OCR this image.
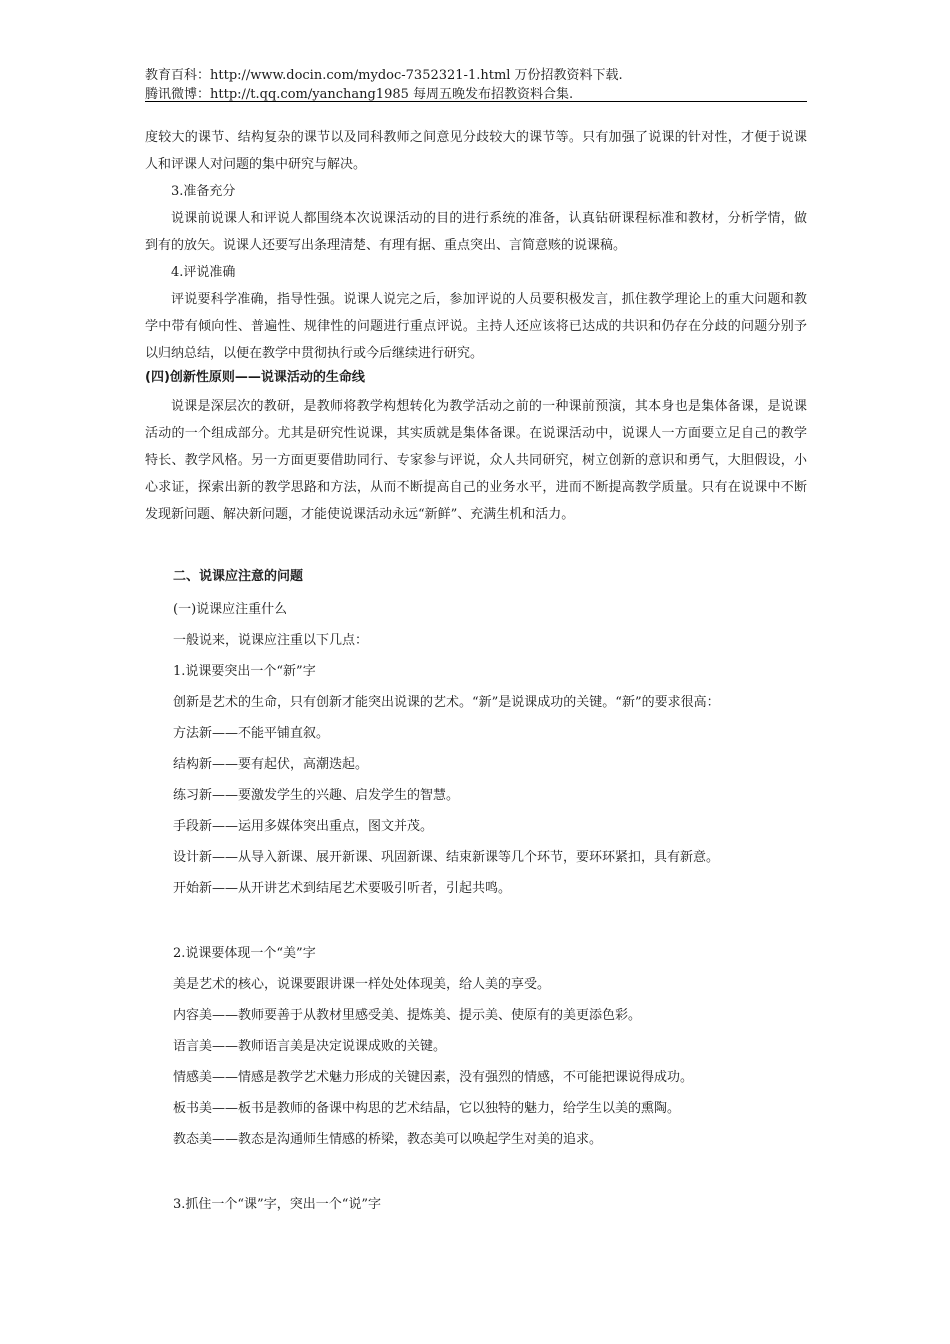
教育百科：http://www.docin.com/mydoc-7352321-1.html 万份招教资料下载.
腾讯微博：http://t.qq.com/yanchang1985 每周五晚发布招教资料合集.

度较大的课节、结构复杂的课节以及同科教师之间意见分歧较大的课节等。只有加强了说课的针对性，才便于说课人和评课人对问题的集中研究与解决。

3.准备充分

说课前说课人和评说人都围绕本次说课活动的目的进行系统的准备，认真钻研课程标准和教材，分析学情，做到有的放矢。说课人还要写出条理清楚、有理有据、重点突出、言简意赅的说课稿。

4.评说准确

评说要科学准确，指导性强。说课人说完之后，参加评说的人员要积极发言，抓住教学理论上的重大问题和教学中带有倾向性、普遍性、规律性的问题进行重点评说。主持人还应该将已达成的共识和仍存在分歧的问题分别予以归纳总结，以便在教学中贯彻执行或今后继续进行研究。

(四)创新性原则——说课活动的生命线

说课是深层次的教研，是教师将教学构想转化为教学活动之前的一种课前预演，其本身也是集体备课，是说课活动的一个组成部分。尤其是研究性说课，其实质就是集体备课。在说课活动中，说课人一方面要立足自己的教学特长、教学风格。另一方面更要借助同行、专家参与评说，众人共同研究，树立创新的意识和勇气，大胆假设，小心求证，探索出新的教学思路和方法，从而不断提高自己的业务水平，进而不断提高教学质量。只有在说课中不断发现新问题、解决新问题，才能使说课活动永远“新鲜”、充满生机和活力。

二、说课应注意的问题

(一)说课应注重什么

一般说来，说课应注重以下几点：

1.说课要突出一个“新”字

创新是艺术的生命，只有创新才能突出说课的艺术。“新”是说课成功的关键。“新”的要求很高：

方法新——不能平铺直叙。

结构新——要有起伏，高潮迭起。

练习新——要激发学生的兴趣、启发学生的智慧。

手段新——运用多媒体突出重点，图文并茂。

设计新——从导入新课、展开新课、巩固新课、结束新课等几个环节，要环环紧扣，具有新意。

开始新——从开讲艺术到结尾艺术要吸引听者，引起共鸣。

2.说课要体现一个“美”字

美是艺术的核心，说课要跟讲课一样处处体现美，给人美的享受。

内容美——教师要善于从教材里感受美、提炼美、提示美、使原有的美更添色彩。

语言美——教师语言美是决定说课成败的关键。

情感美——情感是教学艺术魅力形成的关键因素，没有强烈的情感，不可能把课说得成功。

板书美——板书是教师的备课中构思的艺术结晶，它以独特的魅力，给学生以美的熏陶。

教态美——教态是沟通师生情感的桥梁，教态美可以唤起学生对美的追求。

3.抓住一个“课”字，突出一个“说”字
